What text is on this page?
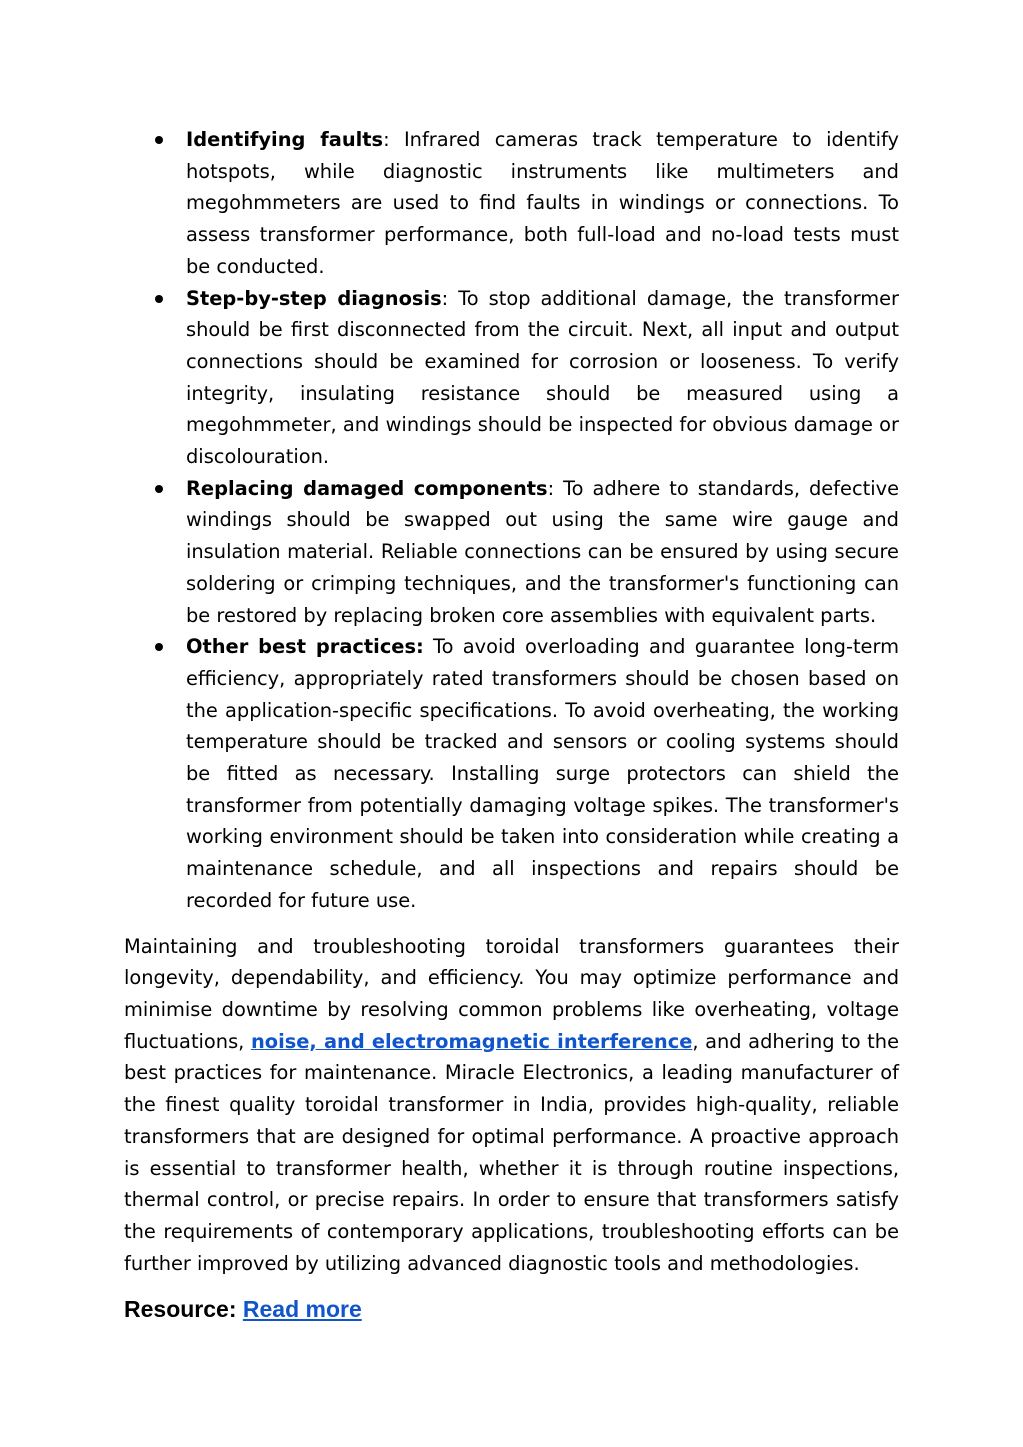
Identifying faults: Infrared cameras track temperature to identify hotspots, while diagnostic instruments like multimeters and megohmmeters are used to find faults in windings or connections. To assess transformer performance, both full-load and no-load tests must be conducted.
Step-by-step diagnosis: To stop additional damage, the transformer should be first disconnected from the circuit. Next, all input and output connections should be examined for corrosion or looseness. To verify integrity, insulating resistance should be measured using a megohmmeter, and windings should be inspected for obvious damage or discolouration.
Replacing damaged components: To adhere to standards, defective windings should be swapped out using the same wire gauge and insulation material. Reliable connections can be ensured by using secure soldering or crimping techniques, and the transformer's functioning can be restored by replacing broken core assemblies with equivalent parts.
Other best practices: To avoid overloading and guarantee long-term efficiency, appropriately rated transformers should be chosen based on the application-specific specifications. To avoid overheating, the working temperature should be tracked and sensors or cooling systems should be fitted as necessary. Installing surge protectors can shield the transformer from potentially damaging voltage spikes. The transformer's working environment should be taken into consideration while creating a maintenance schedule, and all inspections and repairs should be recorded for future use.

Maintaining and troubleshooting toroidal transformers guarantees their longevity, dependability, and efficiency. You may optimize performance and minimise downtime by resolving common problems like overheating, voltage fluctuations, noise, and electromagnetic interference, and adhering to the best practices for maintenance. Miracle Electronics, a leading manufacturer of the finest quality toroidal transformer in India, provides high-quality, reliable transformers that are designed for optimal performance. A proactive approach is essential to transformer health, whether it is through routine inspections, thermal control, or precise repairs. In order to ensure that transformers satisfy the requirements of contemporary applications, troubleshooting efforts can be further improved by utilizing advanced diagnostic tools and methodologies.

Resource: Read more
